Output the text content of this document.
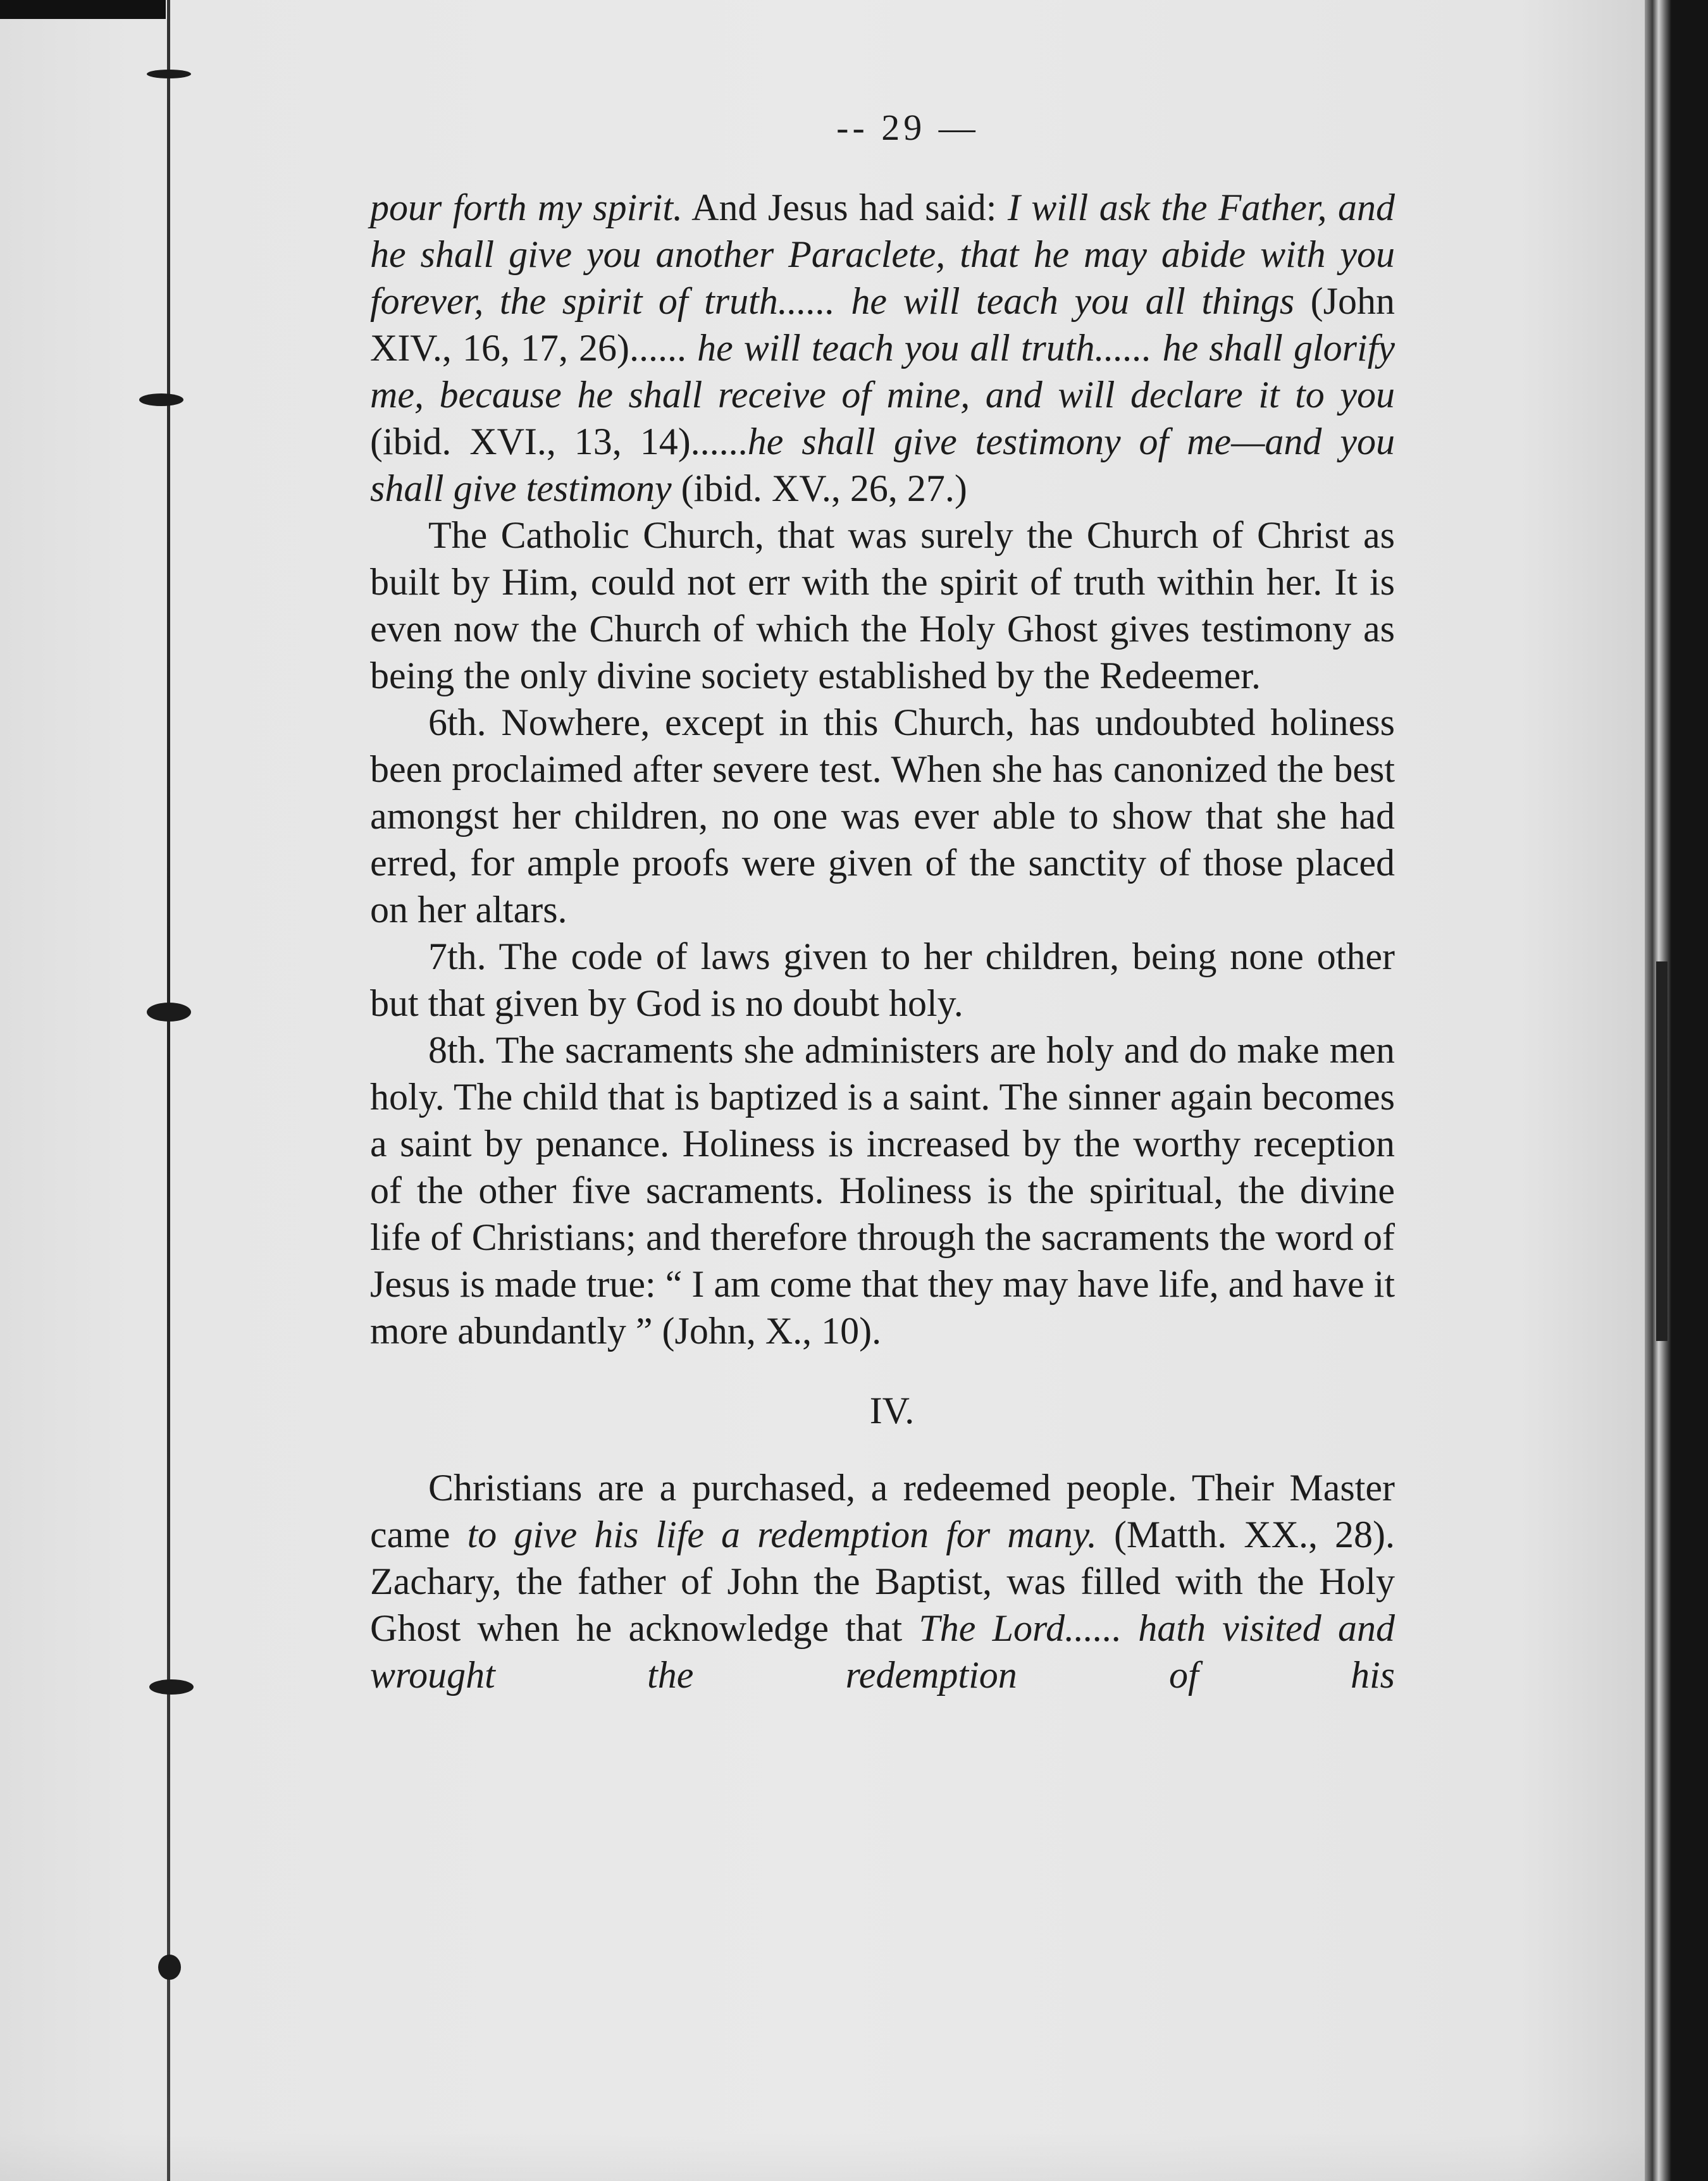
-- 29 —

pour forth my spirit. And Jesus had said: I will ask the Father, and he shall give you another Paraclete, that he may abide with you forever, the spirit of truth...... he will teach you all things (John XIV., 16, 17, 26)...... he will teach you all truth...... he shall glorify me, because he shall receive of mine, and will declare it to you (ibid. XVI., 13, 14)......he shall give testimony of me—and you shall give testimony (ibid. XV., 26, 27.)

The Catholic Church, that was surely the Church of Christ as built by Him, could not err with the spirit of truth within her. It is even now the Church of which the Holy Ghost gives testimony as being the only divine society established by the Redeemer.

6th. Nowhere, except in this Church, has undoubted holiness been proclaimed after severe test. When she has canonized the best amongst her children, no one was ever able to show that she had erred, for ample proofs were given of the sanctity of those placed on her altars.

7th. The code of laws given to her children, being none other but that given by God is no doubt holy.

8th. The sacraments she administers are holy and do make men holy. The child that is baptized is a saint. The sinner again becomes a saint by penance. Holiness is increased by the worthy reception of the other five sacraments. Holiness is the spiritual, the divine life of Christians; and therefore through the sacraments the word of Jesus is made true: “ I am come that they may have life, and have it more abundantly ” (John, X., 10).

IV.

Christians are a purchased, a redeemed people. Their Master came to give his life a redemption for many. (Matth. XX., 28). Zachary, the father of John the Baptist, was filled with the Holy Ghost when he acknowledge that The Lord...... hath visited and wrought the redemption of his
